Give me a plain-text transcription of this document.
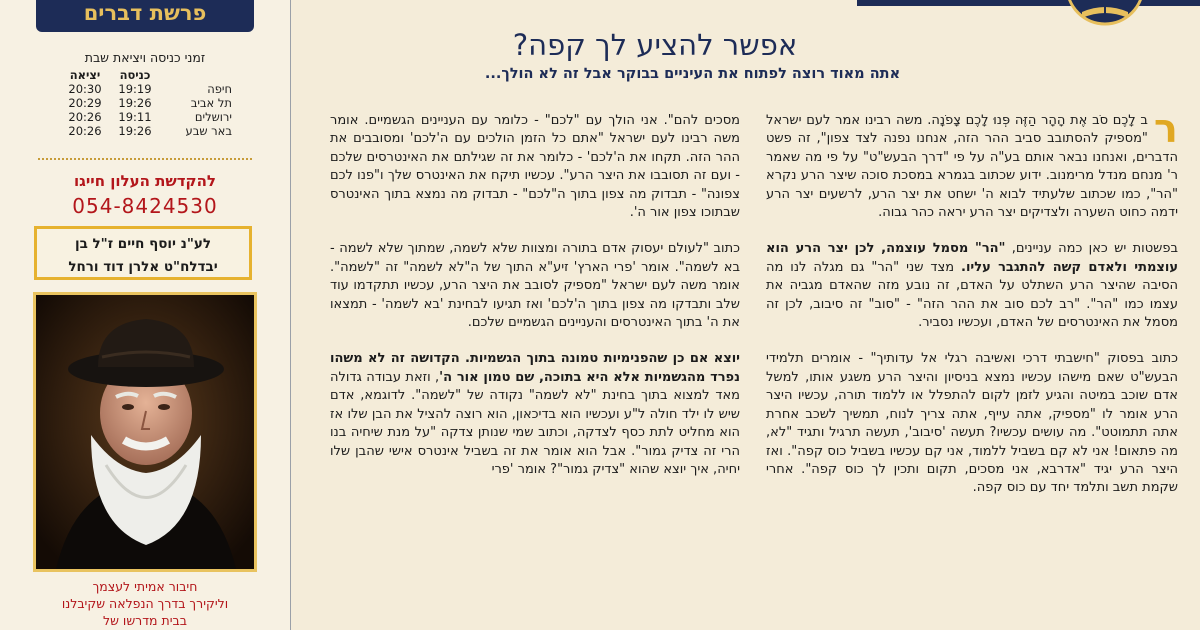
פרשת דברים
זמני כניסה ויציאת שבת
כניסה
יציאה
חיפה
19:19
20:30
תל אביב
19:26
20:29
ירושלים
19:11
20:26
באר שבע
19:26
20:26
להקדשת העלון חייגו
054-8424530
לע"נ יוסף חיים ז"ל בן
יבדלח"ט אלרן דוד ורחל
חיבור אמיתי לעצמך
וליקירך בדרך הנפלאה שקיבלנו
בבית מדרשו של
אפשר להציע לך קפה?
אתה מאוד רוצה לפתוח את העיניים בבוקר אבל זה לא הולך...

ר
ב לָכֶם סֹב אֶת הָהָר הַזֶּה פְּנוּ לָכֶם צָפֹנָה. משה רבינו אמר לעם ישראל "מספיק להסתובב סביב ההר הזה, אנחנו נפנה לצד צפון", זה פשט הדברים, ואנחנו נבאר אותם בע"ה על פי "דרך הבעש"ט" על פי מה שאמר ר' מנחם מנדל מרימנוב. ידוע שכתוב בגמרא במסכת סוכה שיצר הרע נקרא "הר", כמו שכתוב שלעתיד לבוא ה' ישחט את יצר הרע, לרשעים יצר הרע ידמה כחוט השערה ולצדיקים יצר הרע יראה כהר גבוה.

בפשטות יש כאן כמה עניינים, "הר" מסמל עוצמה, לכן יצר הרע הוא עוצמתי ולאדם קשה להתגבר עליו. מצד שני "הר" גם מגלה לנו מה הסיבה שהיצר הרע השתלט על האדם, זה נובע מזה שהאדם מגביה את עצמו כמו "הר". "רב לכם סוב את ההר הזה" - "סוב" זה סיבוב, לכן זה מסמל את האינטרסים של האדם, ועכשיו נסביר.

כתוב בפסוק "חישבתי דרכי ואשיבה רגלי אל עדותיך" - אומרים תלמידי הבעש"ט שאם מישהו עכשיו נמצא בניסיון והיצר הרע משגע אותו, למשל אדם שוכב במיטה והגיע לזמן לקום להתפלל או ללמוד תורה, עכשיו היצר הרע אומר לו "מספיק, אתה עייף, אתה צריך לנוח, תמשיך לשכב אחרת אתה תתמוטט". מה עושים עכשיו? תעשה 'סיבוב', תעשה תרגיל ותגיד "לא, מה פתאום! אני לא קם בשביל ללמוד, אני קם עכשיו בשביל כוס קפה". ואז היצר הרע יגיד "אדרבא, אני מסכים, תקום ותכין לך כוס קפה". אחרי שקמת תשב ותלמד יחד עם כוס קפה.

מסכים להם". אני הולך עם "לכם" - כלומר עם העניינים הגשמיים. אומר משה רבינו לעם ישראל "אתם כל הזמן הולכים עם ה'לכם' ומסובבים את ההר הזה. תקחו את ה'לכם' - כלומר את זה שגילתם את האינטרסים שלכם - ועם זה תסובבו את היצר הרע". עכשיו תיקח את האינטרס שלך ו"פנו לכם צפונה" - תבדוק מה צפון בתוך ה"לכם" - תבדוק מה נמצא בתוך האינטרס שבתוכו צפון אור ה'.

כתוב "לעולם יעסוק אדם בתורה ומצוות שלא לשמה, שמתוך שלא לשמה - בא לשמה". אומר 'פרי הארץ' זיע"א התוך של ה"לא לשמה" זה "לשמה". אומר משה לעם ישראל "מספיק לסובב את היצר הרע, עכשיו תתקדמו עוד שלב ותבדקו מה צפון בתוך ה'לכם' ואז תגיעו לבחינת 'בא לשמה' - תמצאו את ה' בתוך האינטרסים והעניינים הגשמיים שלכם.

יוצא אם כן שהפנימיות טמונה בתוך הגשמיות. הקדושה זה לא משהו נפרד מהגשמיות אלא היא בתוכה, שם טמון אור ה', וזאת עבודה גדולה מאד למצוא בתוך בחינת "לא לשמה" נקודה של "לשמה". לדוגמא, אדם שיש לו ילד חולה ל"ע ועכשיו הוא בדיכאון, הוא רוצה להציל את הבן שלו אז הוא מחליט לתת כסף לצדקה, וכתוב שמי שנותן צדקה "על מנת שיחיה בנו הרי זה צדיק גמור". אבל הוא אומר את זה בשביל אינטרס אישי שהבן שלו יחיה, איך יוצא שהוא "צדיק גמור"? אומר 'פרי
